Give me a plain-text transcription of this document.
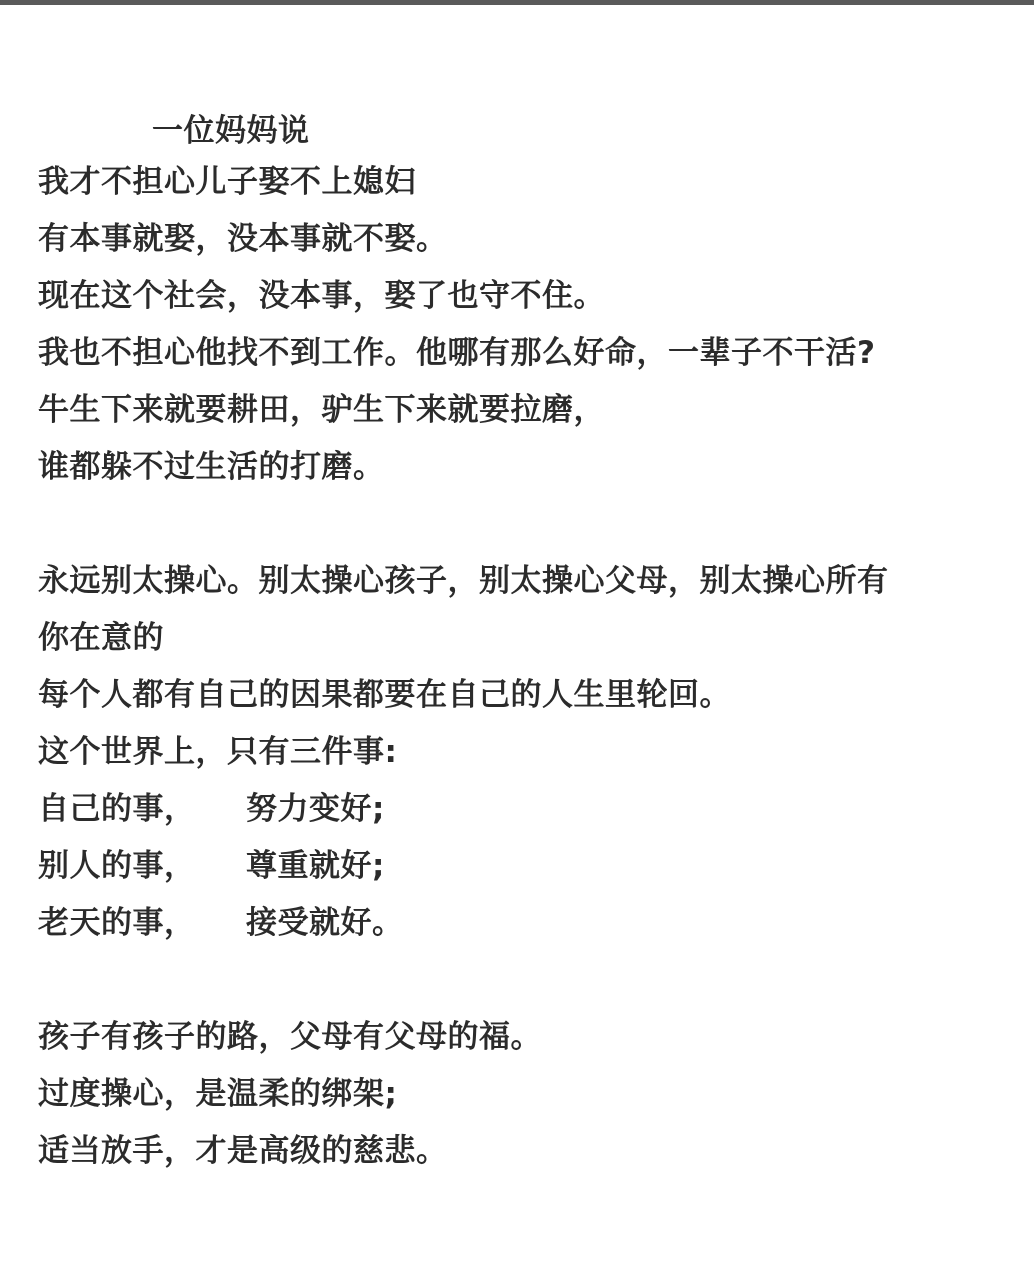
一位妈妈说
我才不担心儿子娶不上媳妇
有本事就娶，没本事就不娶。
现在这个社会，没本事，娶了也守不住。
我也不担心他找不到工作。他哪有那么好命，一辈子不干活?
牛生下来就要耕田，驴生下来就要拉磨，
谁都躲不过生活的打磨。
永远别太操心。别太操心孩子，别太操心父母，别太操心所有
你在意的
每个人都有自己的因果都要在自己的人生里轮回。
这个世界上，只有三件事:
自己的事， 努力变好;
别人的事， 尊重就好;
老天的事， 接受就好。
孩子有孩子的路，父母有父母的福。
过度操心，是温柔的绑架;
适当放手，才是高级的慈悲。
